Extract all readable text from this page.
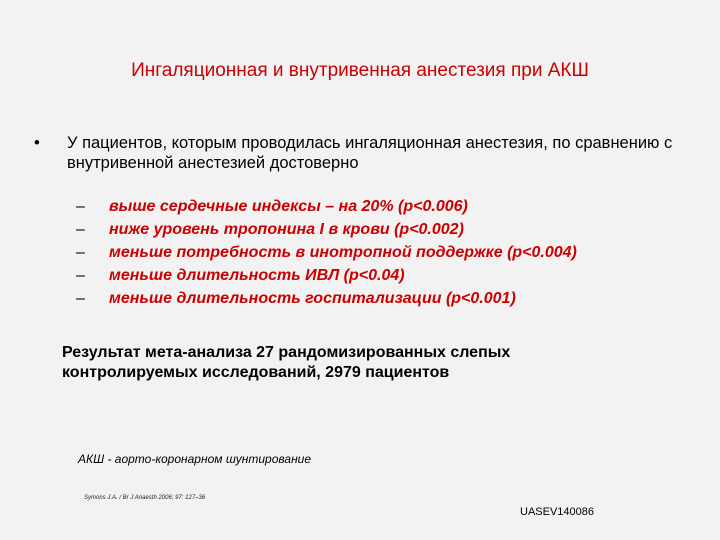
Ингаляционная и внутривенная анестезия при АКШ
• У пациентов, которым проводилась ингаляционная анестезия, по сравнению с внутривенной анестезией достоверно
– выше сердечные индексы – на 20% (р<0.006)
– ниже уровень тропонина I в крови (р<0.002)
– меньше потребность в инотропной поддержке (р<0.004)
– меньше длительность ИВЛ (р<0.04)
– меньше длительность госпитализации (р<0.001)
Результат мета-анализа 27 рандомизированных слепых контролируемых исследований, 2979 пациентов
АКШ - аорто-коронарном шунтирование
Symons J.A. / Br J Anaesth 2006; 97: 127–36
UASEV140086
